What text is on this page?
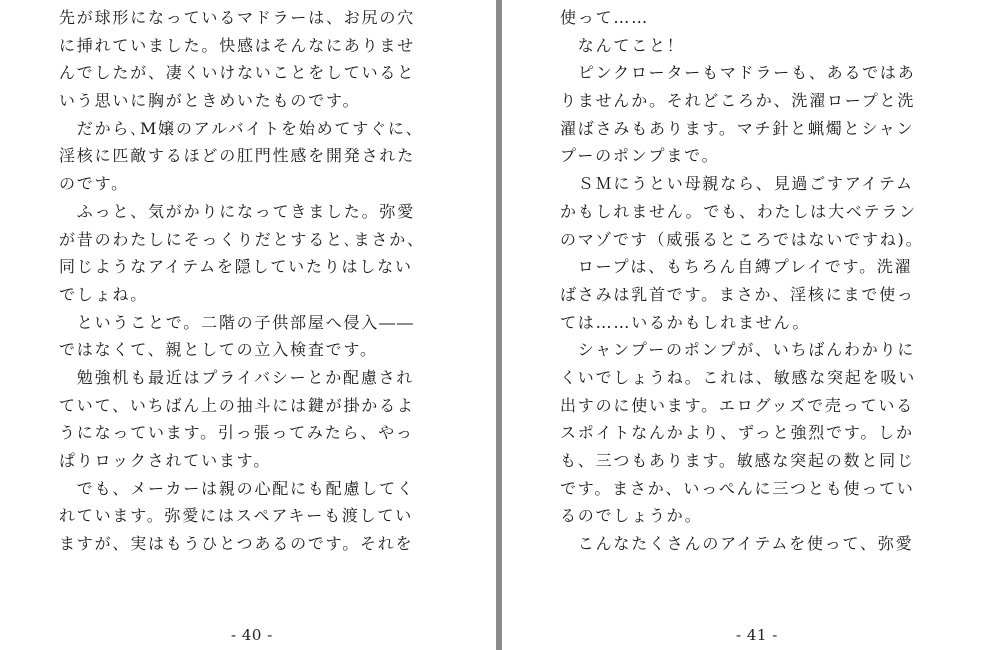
先が球形になっているマドラーは、お尻の穴
に挿れていました。快感はそんなにありませ
んでしたが、凄くいけないことをしていると
いう思いに胸がときめいたものです。
　だから､M嬢のアルバイトを始めてすぐに、
淫核に匹敵するほどの肛門性感を開発された
のです。
　ふっと、気がかりになってきました。弥愛
が昔のわたしにそっくりだとすると､まさか、
同じようなアイテムを隠していたりはしない
でしょね。
　ということで。二階の子供部屋へ侵入――
ではなくて、親としての立入検査です。
　勉強机も最近はプライバシーとか配慮され
ていて、いちばん上の抽斗には鍵が掛かるよ
うになっています。引っ張ってみたら、やっ
ぱりロックされています。
　でも、メーカーは親の心配にも配慮してく
れています。弥愛にはスペアキーも渡してい
ますが、実はもうひとつあるのです。それを
- 40 -
使って……
　なんてこと！
　ピンクローターもマドラーも、あるではあ
りませんか。それどころか、洗濯ロープと洗
濯ばさみもあります。マチ針と蝋燭とシャン
プーのポンプまで。
　ＳＭにうとい母親なら、見過ごすアイテム
かもしれません。でも、わたしは大ベテラン
のマゾです（威張るところではないですね)。
　ロープは、もちろん自縛プレイです。洗濯
ばさみは乳首です。まさか、淫核にまで使っ
ては……いるかもしれません。
　シャンプーのポンプが、いちばんわかりに
くいでしょうね。これは、敏感な突起を吸い
出すのに使います。エログッズで売っている
スポイトなんかより、ずっと強烈です。しか
も、三つもあります。敏感な突起の数と同じ
です。まさか、いっぺんに三つとも使ってい
るのでしょうか。
　こんなたくさんのアイテムを使って、弥愛
- 41 -
